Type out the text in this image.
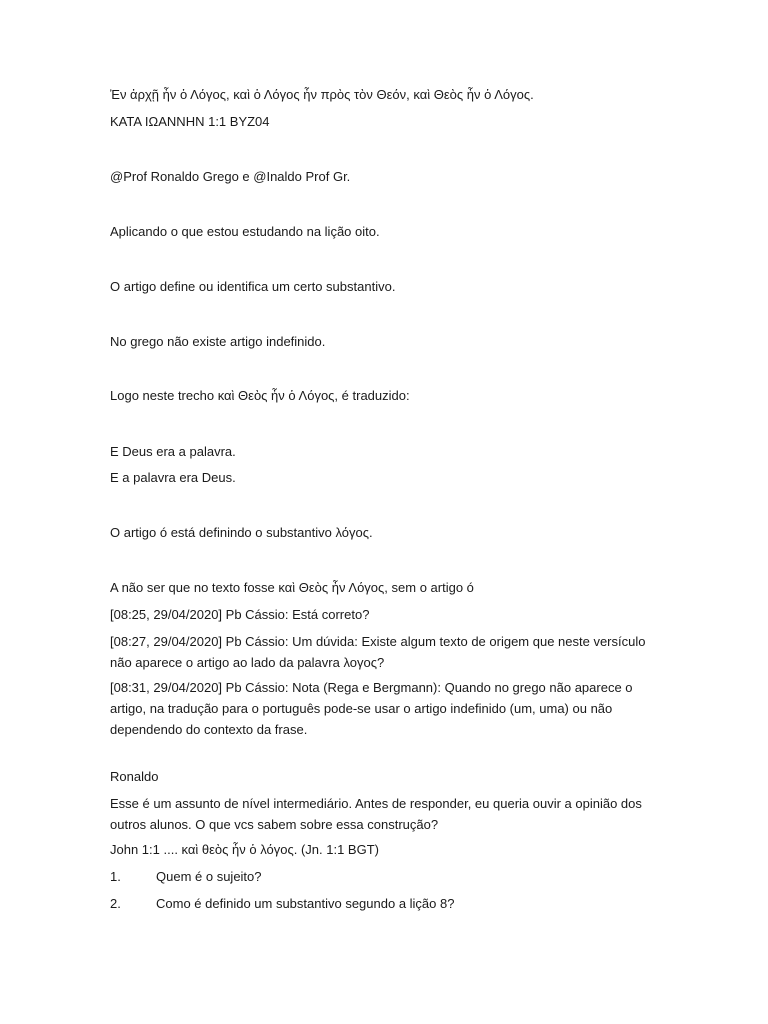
Ἐν ἀρχῇ ἦν ὁ Λόγος, καὶ ὁ Λόγος ἦν πρὸς τὸν Θεόν, καὶ Θεὸς ἦν ὁ Λόγος.
ΚΑΤΑ ΙΩΑΝΝΗΝ 1:1 BYZ04
@Prof Ronaldo Grego e @Inaldo Prof Gr.
Aplicando o que estou estudando na lição oito.
O artigo define ou identifica um certo substantivo.
No grego não existe artigo indefinido.
Logo neste trecho καὶ Θεὸς ἦν ὁ Λόγος, é traduzido:
E Deus era a palavra.
E a palavra era Deus.
O artigo ó está definindo o substantivo λόγος.
A não ser que no texto fosse καὶ Θεὸς ἦν Λόγος, sem o artigo ó
[08:25, 29/04/2020] Pb Cássio: Está correto?
[08:27, 29/04/2020] Pb Cássio: Um dúvida: Existe algum texto de origem que neste versículo não aparece o artigo ao lado da palavra λογος?
[08:31, 29/04/2020] Pb Cássio: Nota (Rega e Bergmann): Quando no grego não aparece o artigo, na tradução para o português pode-se usar o artigo indefinido (um, uma) ou não dependendo do contexto da frase.
Ronaldo
Esse é um assunto de nível intermediário. Antes de responder, eu queria ouvir a opinião dos outros alunos. O que vcs sabem sobre essa construção?
John 1:1 .... καὶ θεὸς ἦν ὁ λόγος. (Jn. 1:1 BGT)
1.	Quem é o sujeito?
2.	Como é definido um substantivo segundo a lição 8?
